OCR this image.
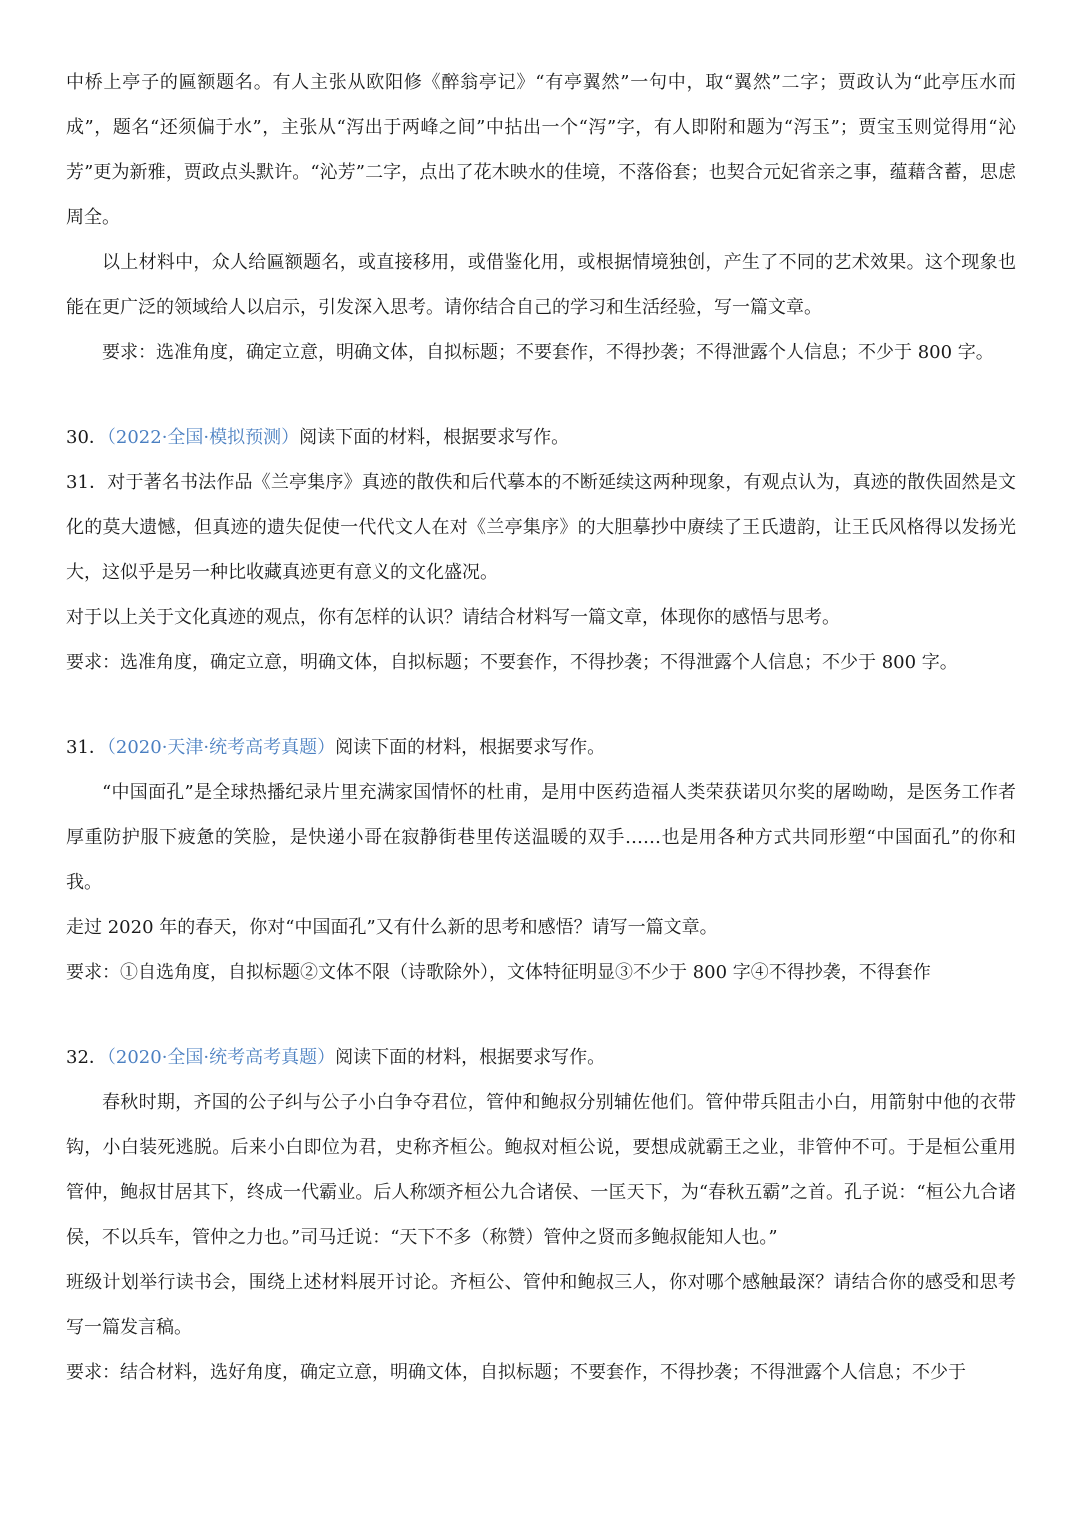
中桥上亭子的匾额题名。有人主张从欧阳修《醉翁亭记》“有亭翼然”一句中，取“翼然”二字；贾政认为“此亭压水而成”，题名“还须偏于水”，主张从“泻出于两峰之间”中拈出一个“泻”字，有人即附和题为“泻玉”；贾宝玉则觉得用“沁芳”更为新雅，贾政点头默许。“沁芳”二字，点出了花木映水的佳境，不落俗套；也契合元妃省亲之事，蕴藉含蓄，思虑周全。

以上材料中，众人给匾额题名，或直接移用，或借鉴化用，或根据情境独创，产生了不同的艺术效果。这个现象也能在更广泛的领域给人以启示，引发深入思考。请你结合自己的学习和生活经验，写一篇文章。

要求：选准角度，确定立意，明确文体，自拟标题；不要套作，不得抄袭；不得泄露个人信息；不少于 800 字。

30．（2022·全国·模拟预测）阅读下面的材料，根据要求写作。

31．对于著名书法作品《兰亭集序》真迹的散佚和后代摹本的不断延续这两种现象，有观点认为，真迹的散佚固然是文化的莫大遗憾，但真迹的遗失促使一代代文人在对《兰亭集序》的大胆摹抄中赓续了王氏遗韵，让王氏风格得以发扬光大，这似乎是另一种比收藏真迹更有意义的文化盛况。

对于以上关于文化真迹的观点，你有怎样的认识？请结合材料写一篇文章，体现你的感悟与思考。

要求：选准角度，确定立意，明确文体，自拟标题；不要套作，不得抄袭；不得泄露个人信息；不少于 800 字。

31．（2020·天津·统考高考真题）阅读下面的材料，根据要求写作。

“中国面孔”是全球热播纪录片里充满家国情怀的杜甫，是用中医药造福人类荣获诺贝尔奖的屠呦呦，是医务工作者厚重防护服下疲惫的笑脸，是快递小哥在寂静街巷里传送温暖的双手……也是用各种方式共同形塑“中国面孔”的你和我。

走过 2020 年的春天，你对“中国面孔”又有什么新的思考和感悟？请写一篇文章。

要求：①自选角度，自拟标题②文体不限（诗歌除外），文体特征明显③不少于 800 字④不得抄袭，不得套作

32．（2020·全国·统考高考真题）阅读下面的材料，根据要求写作。

春秋时期，齐国的公子纠与公子小白争夺君位，管仲和鲍叔分别辅佐他们。管仲带兵阻击小白，用箭射中他的衣带钩，小白装死逃脱。后来小白即位为君，史称齐桓公。鲍叔对桓公说，要想成就霸王之业，非管仲不可。于是桓公重用管仲，鲍叔甘居其下，终成一代霸业。后人称颂齐桓公九合诸侯、一匡天下，为“春秋五霸”之首。孔子说：“桓公九合诸侯，不以兵车，管仲之力也。”司马迁说：“天下不多（称赞）管仲之贤而多鲍叔能知人也。”

班级计划举行读书会，围绕上述材料展开讨论。齐桓公、管仲和鲍叔三人，你对哪个感触最深？请结合你的感受和思考写一篇发言稿。

要求：结合材料，选好角度，确定立意，明确文体，自拟标题；不要套作，不得抄袭；不得泄露个人信息；不少于
